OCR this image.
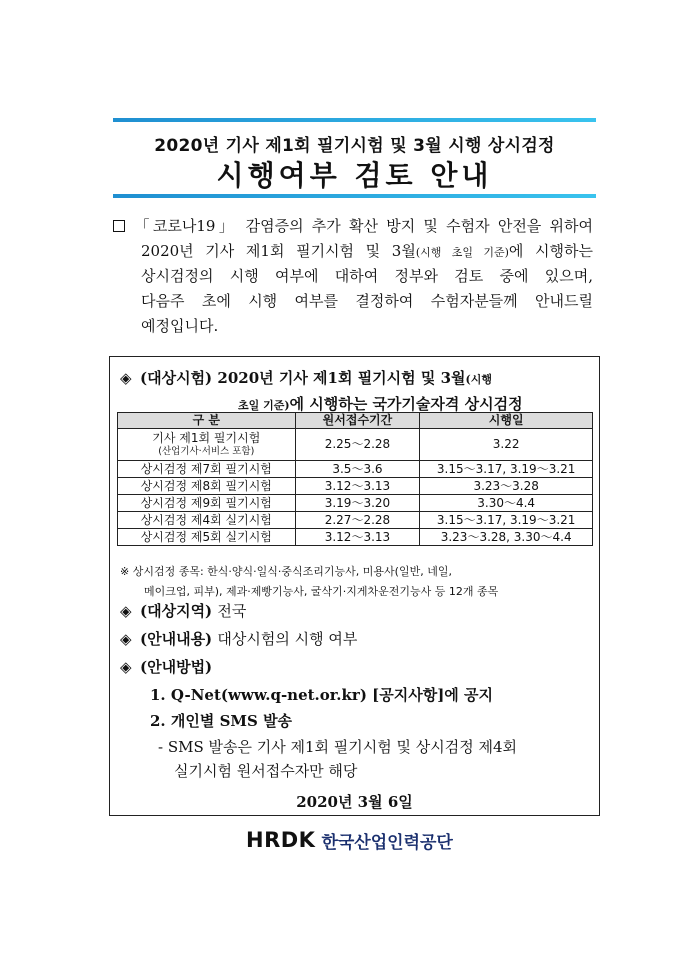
2020년 기사 제1회 필기시험 및 3월 시행 상시검정
시행여부 검토 안내
「코로나19」 감염증의 추가 확산 방지 및 수험자 안전을 위하여
2020년 기사 제1회 필기시험 및 3월(시행 초일 기준)에 시행하는
상시검정의 시행 여부에 대하여 정부와 검토 중에 있으며,
다음주 초에 시행 여부를 결정하여 수험자분들께 안내드릴
예정입니다.
◈ (대상시험) 2020년 기사 제1회 필기시험 및 3월(시행
초일 기준)에 시행하는 국가기술자격 상시검정
구 분	원서접수기간	시행일

기사 제1회 필기시험
(산업기사·서비스 포함)	2.25～2.28	3.22
상시검정 제7회 필기시험	3.5～3.6	3.15～3.17, 3.19～3.21
상시검정 제8회 필기시험	3.12～3.13	3.23～3.28
상시검정 제9회 필기시험	3.19～3.20	3.30～4.4
상시검정 제4회 실기시험	2.27～2.28	3.15～3.17, 3.19～3.21
상시검정 제5회 실기시험	3.12～3.13	3.23～3.28, 3.30～4.4
※ 상시검정 종목: 한식·양식·일식·중식조리기능사, 미용사(일반, 네일,
메이크업, 피부), 제과·제빵기능사, 굴삭기·지게차운전기능사 등 12개 종목
◈ (대상지역) 전국
◈ (안내내용) 대상시험의 시행 여부
◈ (안내방법)
1. Q-Net(www.q-net.or.kr) [공지사항]에 공지
2. 개인별 SMS 발송
- SMS 발송은 기사 제1회 필기시험 및 상시검정 제4회
실기시험 원서접수자만 해당
2020년 3월 6일
HRDK 한국산업인력공단
